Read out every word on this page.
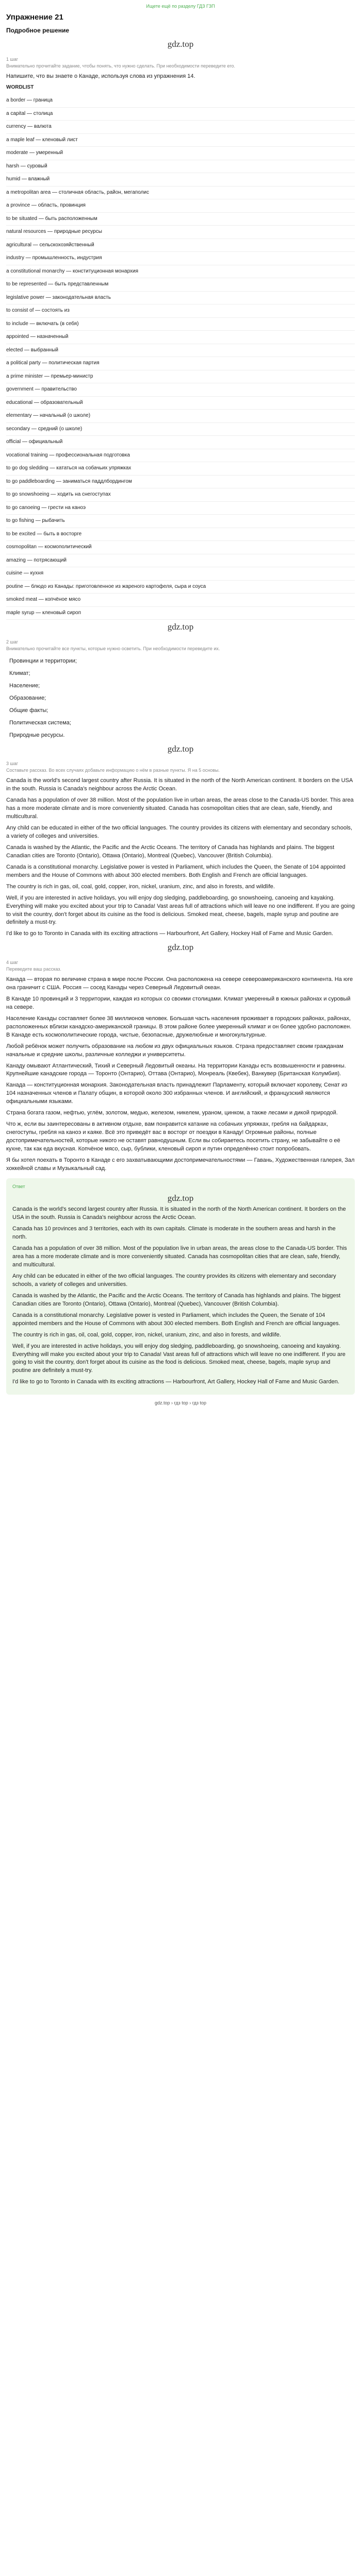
Ищете ещё по разделу ГДЗ ГЗП
Упражнение 21
Подробное решение
gdz.top
1 шаг
Внимательно прочитайте задание, чтобы понять, что нужно сделать. При необходимости переведите его.
Напишите, что вы знаете о Канаде, используя слова из упражнения 14.
WORDLIST
a border — граница
a capital — столица
currency — валюта
a maple leaf — кленовый лист
moderate — умеренный
harsh — суровый
humid — влажный
a metropolitan area — столичная область, район, мегаполис
a province — область, провинция
to be situated — быть расположенным
natural resources — природные ресурсы
agricultural — сельскохозяйственный
industry — промышленность, индустрия
a constitutional monarchy — конституционная монархия
to be represented — быть представленным
legislative power — законодательная власть
to consist of — состоять из
to include — включать (в себя)
appointed — назначенный
elected — выбранный
a political party — политическая партия
a prime minister — премьер-министр
government — правительство
educational — образовательный
elementary — начальный (о школе)
secondary — средний (о школе)
official — официальный
vocational training — профессиональная подготовка
to go dog sledding — кататься на собачьих упряжках
to go paddleboarding — заниматься паддлбордингом
to go snowshoeing — ходить на снегоступах
to go canoeing — грести на каноэ
to go fishing — рыбачить
to be excited — быть в восторге
cosmopolitan — космополитический
amazing — потрясающий
cuisine — кухня
poutine — блюдо из Канады: приготовленное из жареного картофеля, сыра и соуса
smoked meat — копчёное мясо
maple syrup — кленовый сироп
gdz.top
2 шаг
Внимательно прочитайте все пункты, которые нужно осветить. При необходимости переведите их.
Провинции и территории;
Климат;
Население;
Образование;
Общие факты;
Политическая система;
Природные ресурсы.
gdz.top
3 шаг
Составьте рассказ. Во всех случаях добавьте информацию о нём в разные пункты. Я на 5 основы.

Canada is the world's second largest country after Russia. It is situated in the north of the North American continent. It borders on the USA in the south. Russia is Canada's neighbour across the Arctic Ocean.

Canada has a population of over 38 million. Most of the population live in urban areas, the areas close to the Canada-US border. This area has a more moderate climate and is more conveniently situated. Canada has cosmopolitan cities that are clean, safe, friendly, and multicultural.

Any child can be educated in either of the two official languages. The country provides its citizens with elementary and secondary schools, a variety of colleges and universities.

Canada is washed by the Atlantic, the Pacific and the Arctic Oceans. The territory of Canada has highlands and plains. The biggest Canadian cities are Toronto (Ontario), Ottawa (Ontario), Montreal (Quebec), Vancouver (British Columbia).

Canada is a constitutional monarchy. Legislative power is vested in Parliament, which includes the Queen, the Senate of 104 appointed members and the House of Commons with about 300 elected members. Both English and French are official languages.

The country is rich in gas, oil, coal, gold, copper, iron, nickel, uranium, zinc, and also in forests, and wildlife.

Well, if you are interested in active holidays, you will enjoy dog sledging, paddleboarding, go snowshoeing, canoeing and kayaking. Everything will make you excited about your trip to Canada! Vast areas full of attractions which will leave no one indifferent. If you are going to visit the country, don't forget about its cuisine as the food is delicious. Smoked meat, cheese, bagels, maple syrup and poutine are definitely a must-try.

I'd like to go to Toronto in Canada with its exciting attractions — Harbourfront, Art Gallery, Hockey Hall of Fame and Music Garden.

gdz.top
4 шаг
Переведите ваш рассказ.

Канада — вторая по величине страна в мире после России. Она расположена на севере североамериканского континента. На юге она граничит с США. Россия — сосед Канады через Северный Ледовитый океан.

В Канаде 10 провинций и 3 территории, каждая из которых со своими столицами. Климат умеренный в южных районах и суровый на севере.

Население Канады составляет более 38 миллионов человек. Большая часть населения проживает в городских районах, районах, расположенных вблизи канадско-американской границы. В этом районе более умеренный климат и он более удобно расположен. В Канаде есть космополитические города, чистые, безопасные, дружелюбные и многокультурные.

Любой ребёнок может получить образование на любом из двух официальных языков. Страна предоставляет своим гражданам начальные и средние школы, различные колледжи и университеты.

Канаду омывают Атлантический, Тихий и Северный Ледовитый океаны. На территории Канады есть возвышенности и равнины. Крупнейшие канадские города — Торонто (Онтарио), Оттава (Онтарио), Монреаль (Квебек), Ванкувер (Британская Колумбия).

Канада — конституционная монархия. Законодательная власть принадлежит Парламенту, который включает королеву, Сенат из 104 назначенных членов и Палату общин, в которой около 300 избранных членов. И английский, и французский являются официальными языками.

Страна богата газом, нефтью, углём, золотом, медью, железом, никелем, ураном, цинком, а также лесами и дикой природой.

Что ж, если вы заинтересованы в активном отдыхе, вам понравится катание на собачьих упряжках, гребля на байдарках, снегоступы, гребля на каноэ и каяке. Всё это приведёт вас в восторг от поездки в Канаду! Огромные районы, полные достопримечательностей, которые никого не оставят равнодушным. Если вы собираетесь посетить страну, не забывайте о её кухне, так как еда вкусная. Копчёное мясо, сыр, бублики, кленовый сироп и путин определённо стоит попробовать.

Я бы хотел поехать в Торонто в Канаде с его захватывающими достопримечательностями — Гавань, Художественная галерея, Зал хоккейной славы и Музыкальный сад.

Ответ
gdz.top

Canada is the world's second largest country after Russia. It is situated in the north of the North American continent. It borders on the USA in the south. Russia is Canada's neighbour across the Arctic Ocean.

Canada has 10 provinces and 3 territories, each with its own capitals. Climate is moderate in the southern areas and harsh in the north.

Canada has a population of over 38 million. Most of the population live in urban areas, the areas close to the Canada-US border. This area has a more moderate climate and is more conveniently situated. Canada has cosmopolitan cities that are clean, safe, friendly, and multicultural.

Any child can be educated in either of the two official languages. The country provides its citizens with elementary and secondary schools, a variety of colleges and universities.

Canada is washed by the Atlantic, the Pacific and the Arctic Oceans. The territory of Canada has highlands and plains. The biggest Canadian cities are Toronto (Ontario), Ottawa (Ontario), Montreal (Quebec), Vancouver (British Columbia).

Canada is a constitutional monarchy. Legislative power is vested in Parliament, which includes the Queen, the Senate of 104 appointed members and the House of Commons with about 300 elected members. Both English and French are official languages.

The country is rich in gas, oil, coal, gold, copper, iron, nickel, uranium, zinc, and also in forests, and wildlife.

Well, if you are interested in active holidays, you will enjoy dog sledging, paddleboarding, go snowshoeing, canoeing and kayaking. Everything will make you excited about your trip to Canada! Vast areas full of attractions which will leave no one indifferent. If you are going to visit the country, don't forget about its cuisine as the food is delicious. Smoked meat, cheese, bagels, maple syrup and poutine are definitely a must-try.

I'd like to go to Toronto in Canada with its exciting attractions — Harbourfront, Art Gallery, Hockey Hall of Fame and Music Garden.

gdz.top › гдз top › гдз top
